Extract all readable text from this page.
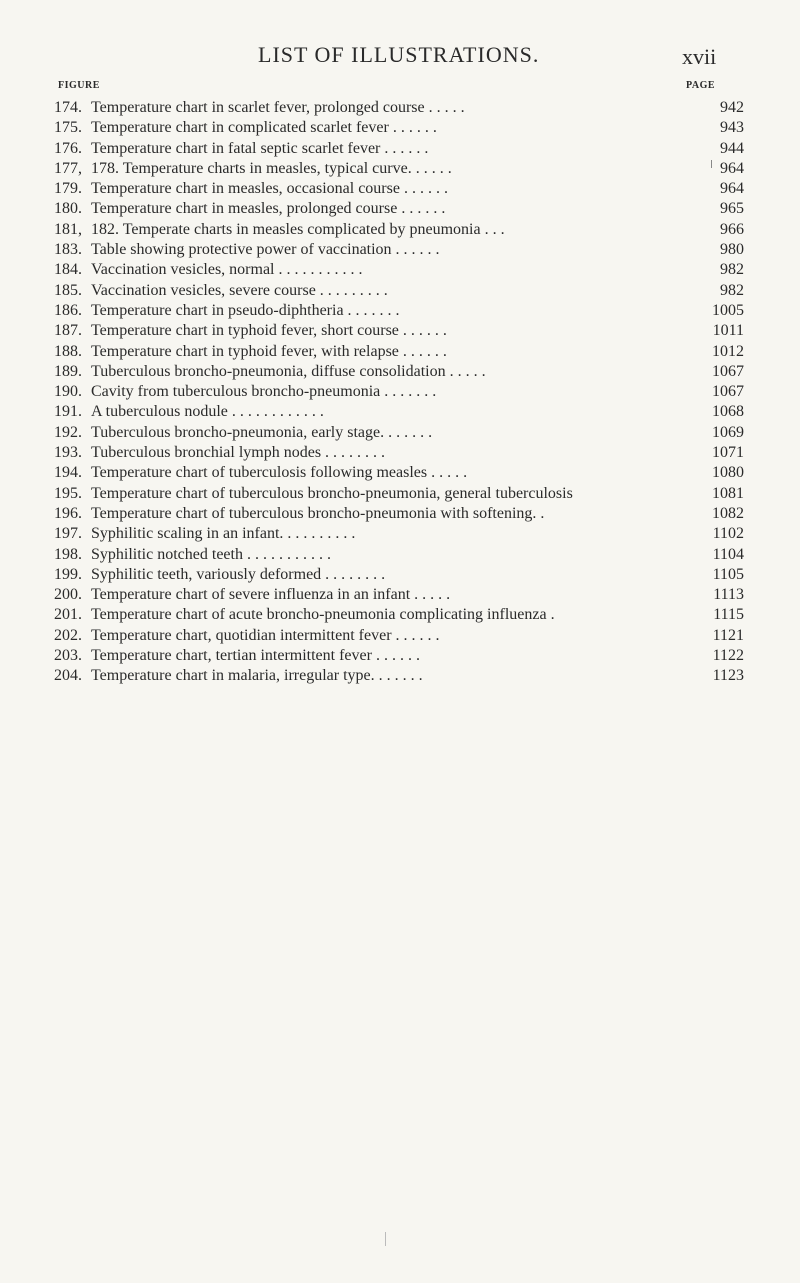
LIST OF ILLUSTRATIONS.	xvii
FIGURE	PAGE
174. Temperature chart in scarlet fever, prolonged course . . . . .	942
175. Temperature chart in complicated scarlet fever . . . . . .	943
176. Temperature chart in fatal septic scarlet fever . . . . . .	944
177, 178. Temperature charts in measles, typical curve. . . . . .	964
179. Temperature chart in measles, occasional course . . . . . .	964
180. Temperature chart in measles, prolonged course . . . . . .	965
181, 182. Temperate charts in measles complicated by pneumonia . . .	966
183. Table showing protective power of vaccination . . . . . .	980
184. Vaccination vesicles, normal . . . . . . . . . . .	982
185. Vaccination vesicles, severe course . . . . . . . . .	982
186. Temperature chart in pseudo-diphtheria . . . . . . .	1005
187. Temperature chart in typhoid fever, short course . . . . . .	1011
188. Temperature chart in typhoid fever, with relapse . . . . . .	1012
189. Tuberculous broncho-pneumonia, diffuse consolidation . . . . .	1067
190. Cavity from tuberculous broncho-pneumonia . . . . . . .	1067
191. A tuberculous nodule . . . . . . . . . . . .	1068
192. Tuberculous broncho-pneumonia, early stage. . . . . . .	1069
193. Tuberculous bronchial lymph nodes . . . . . . . .	1071
194. Temperature chart of tuberculosis following measles . . . . .	1080
195. Temperature chart of tuberculous broncho-pneumonia, general tuberculosis	1081
196. Temperature chart of tuberculous broncho-pneumonia with softening. .	1082
197. Syphilitic scaling in an infant. . . . . . . . . .	1102
198. Syphilitic notched teeth . . . . . . . . . . .	1104
199. Syphilitic teeth, variously deformed . . . . . . . .	1105
200. Temperature chart of severe influenza in an infant . . . . .	1113
201. Temperature chart of acute broncho-pneumonia complicating influenza .	1115
202. Temperature chart, quotidian intermittent fever . . . . . .	1121
203. Temperature chart, tertian intermittent fever . . . . . .	1122
204. Temperature chart in malaria, irregular type. . . . . . .	1123
